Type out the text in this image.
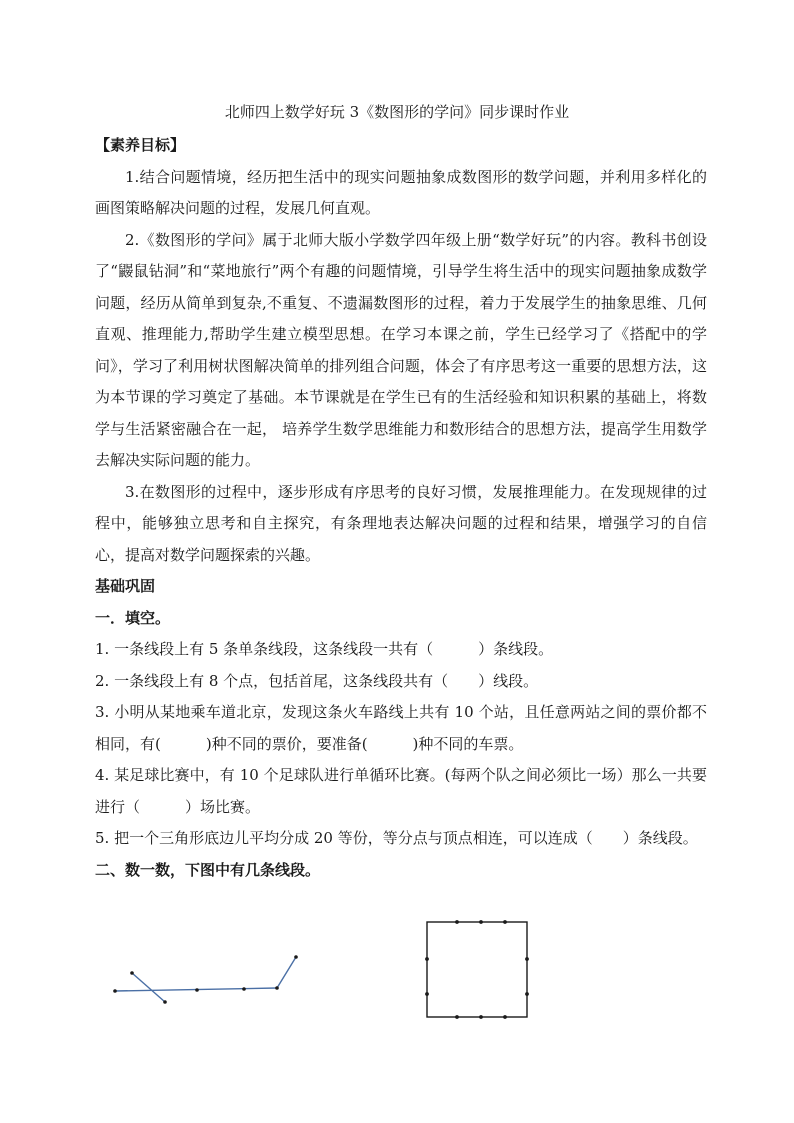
北师四上数学好玩 3《数图形的学问》同步课时作业

【素养目标】

1.结合问题情境，经历把生活中的现实问题抽象成数图形的数学问题，并利用多样化的画图策略解决问题的过程，发展几何直观。

2.《数图形的学问》属于北师大版小学数学四年级上册“数学好玩”的内容。教科书创设了“鼹鼠钻洞”和“菜地旅行”两个有趣的问题情境，引导学生将生活中的现实问题抽象成数学问题，经历从简单到复杂,不重复、不遗漏数图形的过程，着力于发展学生的抽象思维、几何直观、推理能力,帮助学生建立模型思想。在学习本课之前，学生已经学习了《搭配中的学问》，学习了利用树状图解决简单的排列组合问题，体会了有序思考这一重要的思想方法，这为本节课的学习奠定了基础。本节课就是在学生已有的生活经验和知识积累的基础上，将数学与生活紧密融合在一起， 培养学生数学思维能力和数形结合的思想方法，提高学生用数学去解决实际问题的能力。

3.在数图形的过程中，逐步形成有序思考的良好习惯，发展推理能力。在发现规律的过程中，能够独立思考和自主探究，有条理地表达解决问题的过程和结果，增强学习的自信心，提高对数学问题探索的兴趣。

基础巩固

一．填空。

1. 一条线段上有 5 条单条线段，这条线段一共有（　　　）条线段。

2. 一条线段上有 8 个点，包括首尾，这条线段共有（　　）线段。

3. 小明从某地乘车道北京，发现这条火车路线上共有 10 个站，且任意两站之间的票价都不相同，有(　　　)种不同的票价，要准备(　　　)种不同的车票。

4. 某足球比赛中，有 10 个足球队进行单循环比赛。(每两个队之间必须比一场）那么一共要进行（　　　）场比赛。

5. 把一个三角形底边儿平均分成 20 等份，等分点与顶点相连，可以连成（　　）条线段。

二、数一数，下图中有几条线段。
